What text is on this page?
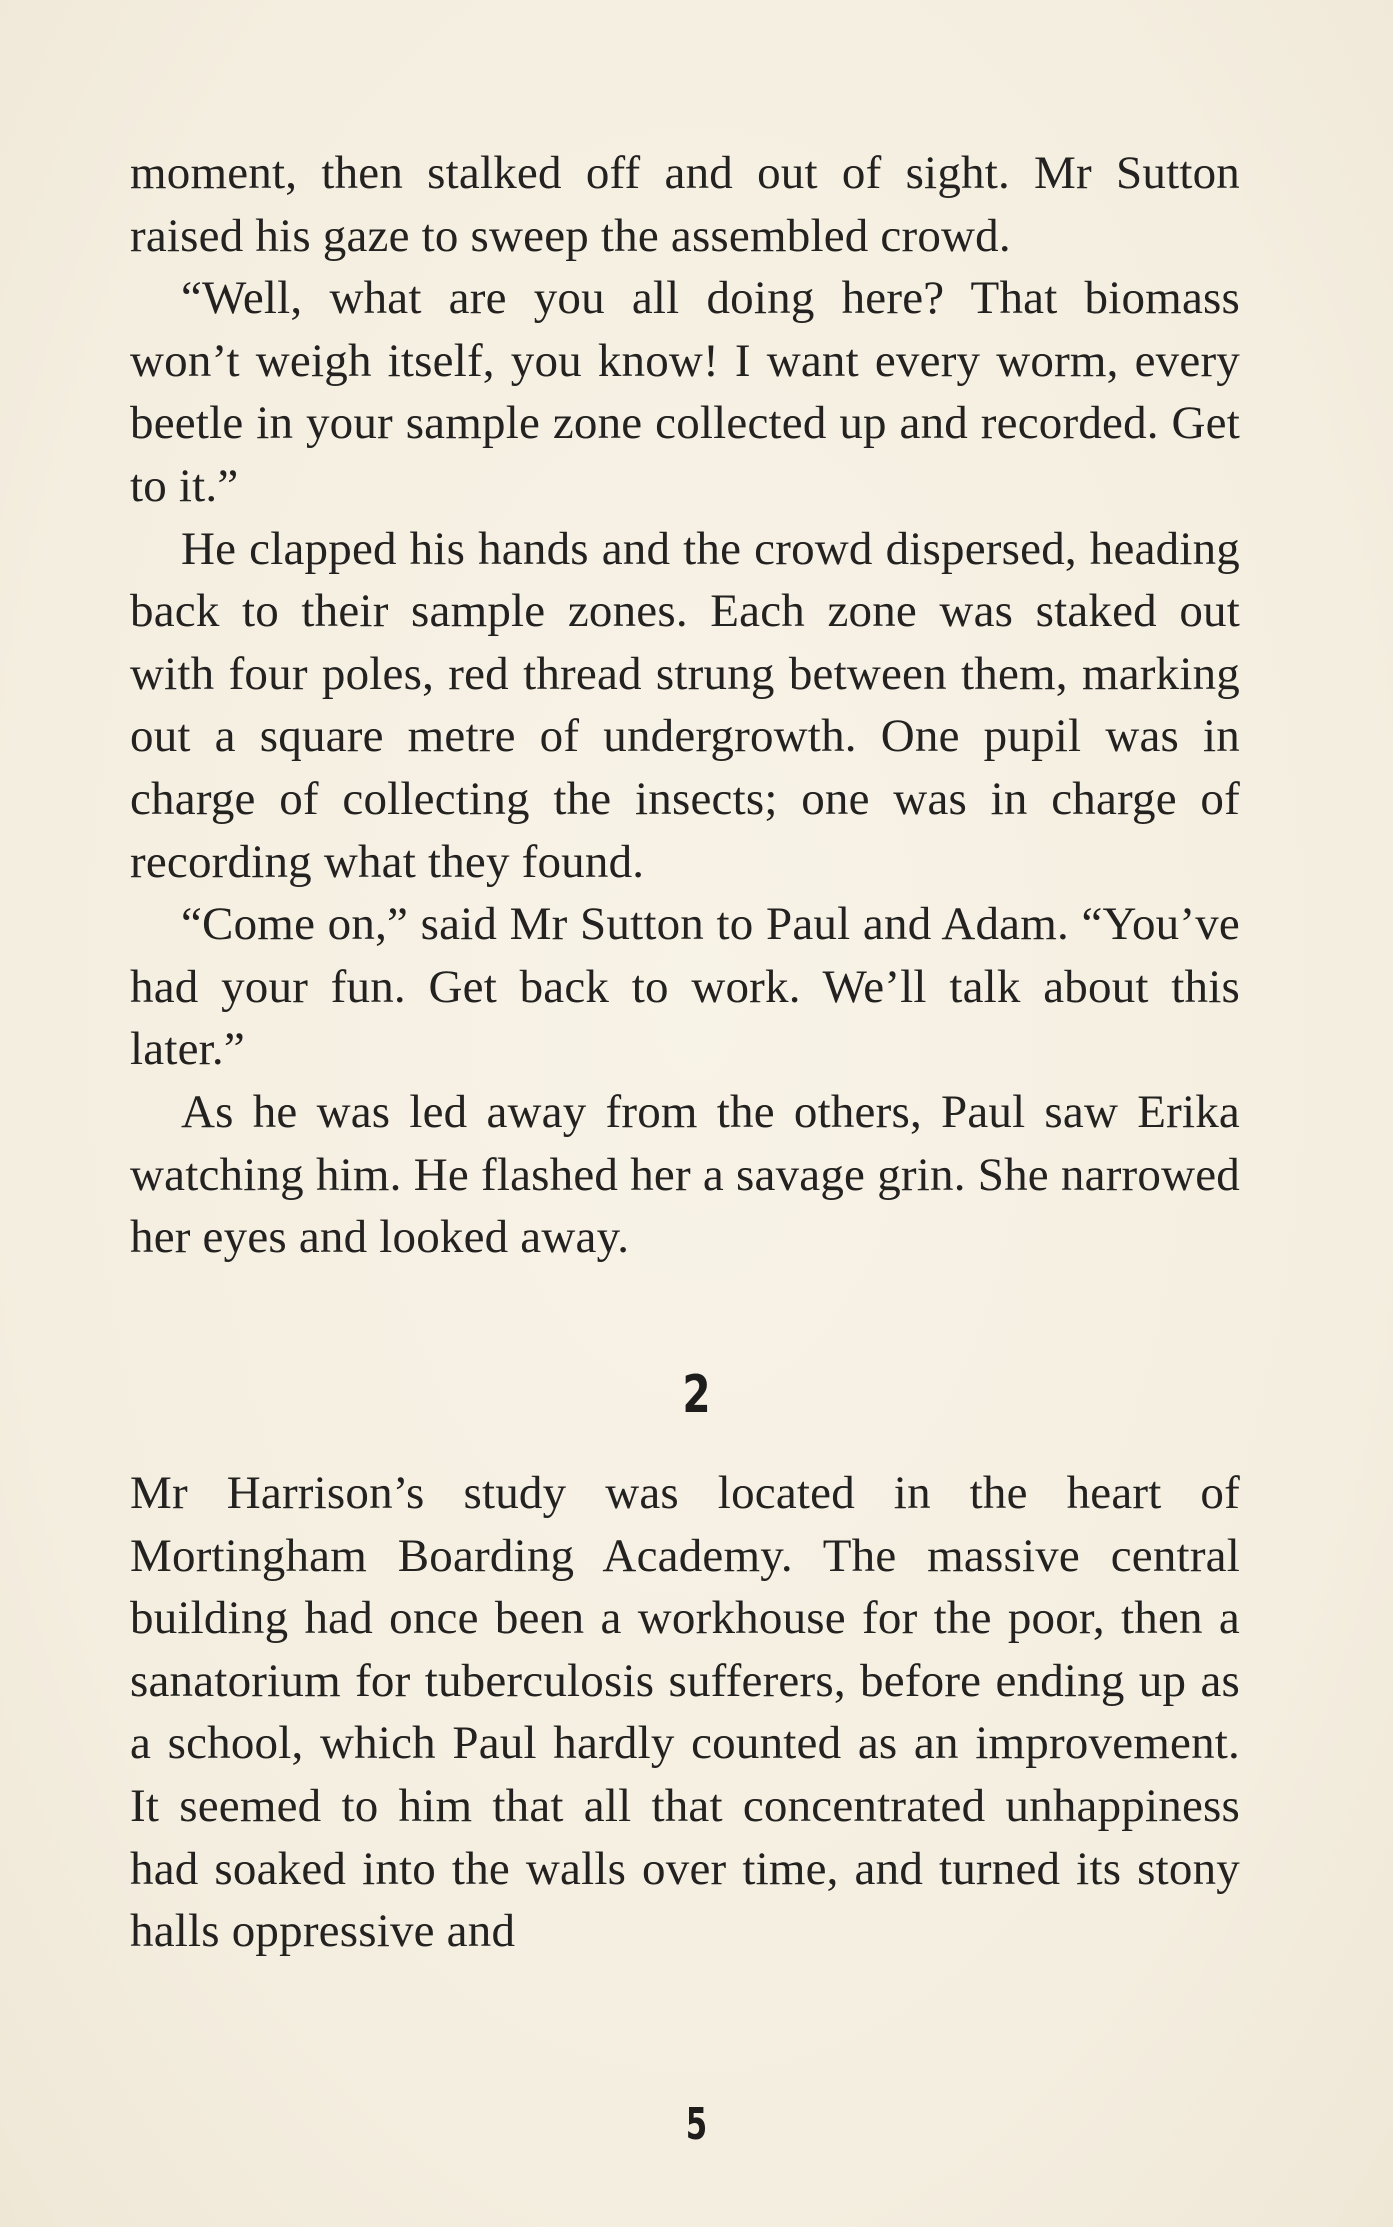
moment, then stalked off and out of sight. Mr Sutton raised his gaze to sweep the assembled crowd.

“Well, what are you all doing here? That biomass won’t weigh itself, you know! I want every worm, every beetle in your sample zone collected up and recorded. Get to it.”

He clapped his hands and the crowd dispersed, heading back to their sample zones. Each zone was staked out with four poles, red thread strung between them, marking out a square metre of undergrowth. One pupil was in charge of collecting the insects; one was in charge of recording what they found.

“Come on,” said Mr Sutton to Paul and Adam. “You’ve had your fun. Get back to work. We’ll talk about this later.”

As he was led away from the others, Paul saw Erika watching him. He flashed her a savage grin. She narrowed her eyes and looked away.

2

Mr Harrison’s study was located in the heart of Mortingham Boarding Academy. The massive central building had once been a workhouse for the poor, then a sanatorium for tuberculosis sufferers, before ending up as a school, which Paul hardly counted as an improvement. It seemed to him that all that concentrated unhappiness had soaked into the walls over time, and turned its stony halls oppressive and

5
